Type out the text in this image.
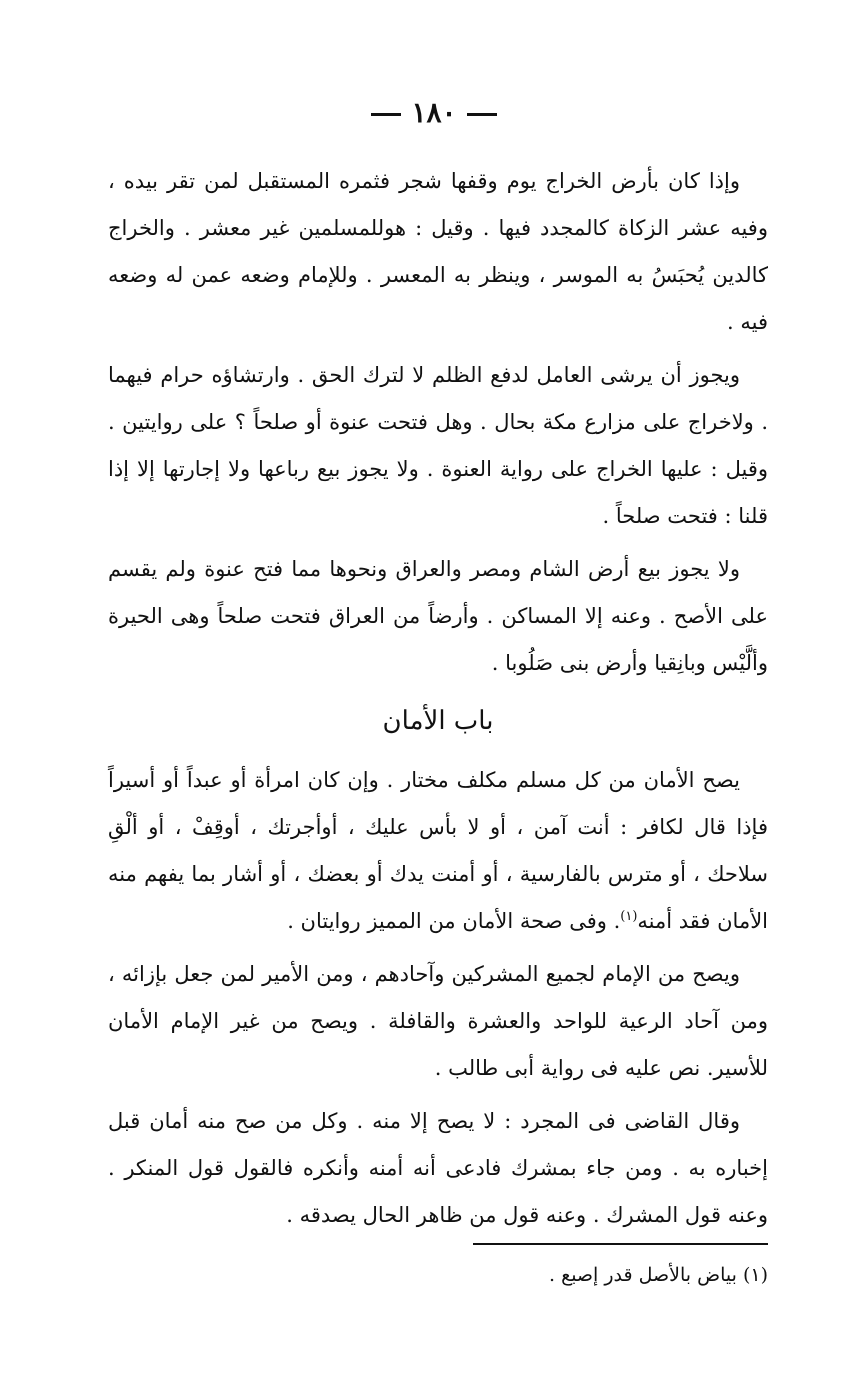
١٨٠

وإذا كان بأرض الخراج يوم وقفها شجر فثمره المستقبل لمن تقر بيده ، وفيه عشر الزكاة كالمجدد فيها . وقيل : هوللمسلمين غير معشر . والخراج كالدين يُحبَسُ به الموسر ، وينظر به المعسر . وللإمام وضعه عمن له وضعه فيه .

ويجوز أن يرشى العامل لدفع الظلم لا لترك الحق . وارتشاؤه حرام فيهما . ولاخراج على مزارع مكة بحال . وهل فتحت عنوة أو صلحاً ؟ على روايتين . وقيل : عليها الخراج على رواية العنوة . ولا يجوز بيع رباعها ولا إجارتها إلا إذا قلنا : فتحت صلحاً .

ولا يجوز بيع أرض الشام ومصر والعراق ونحوها مما فتح عنوة ولم يقسم على الأصح . وعنه إلا المساكن . وأرضاً من العراق فتحت صلحاً وهى الحيرة وألَّيْس وبانِقيا وأرض بنى صَلُوبا .

باب الأمان

يصح الأمان من كل مسلم مكلف مختار . وإن كان امرأة أو عبداً أو أسيراً فإذا قال لكافر : أنت آمن ، أو لا بأس عليك ، أوأجرتك ، أوقِفْ ، أو ألْقِ سلاحك ، أو مترس بالفارسية ، أو أمنت يدك أو بعضك ، أو أشار بما يفهم منه الأمان فقد أمنه$^{(١)}$. وفى صحة الأمان من المميز روايتان .

ويصح من الإمام لجميع المشركين وآحادهم ، ومن الأمير لمن جعل بإزائه ، ومن آحاد الرعية للواحد والعشرة والقافلة . ويصح من غير الإمام الأمان للأسير. نص عليه فى رواية أبى طالب .

وقال القاضى فى المجرد : لا يصح إلا منه . وكل من صح منه أمان قبل إخباره به . ومن جاء بمشرك فادعى أنه أمنه وأنكره فالقول قول المنكر . وعنه قول المشرك . وعنه قول من ظاهر الحال يصدقه .

(١) بياض بالأصل قدر إصبع .
